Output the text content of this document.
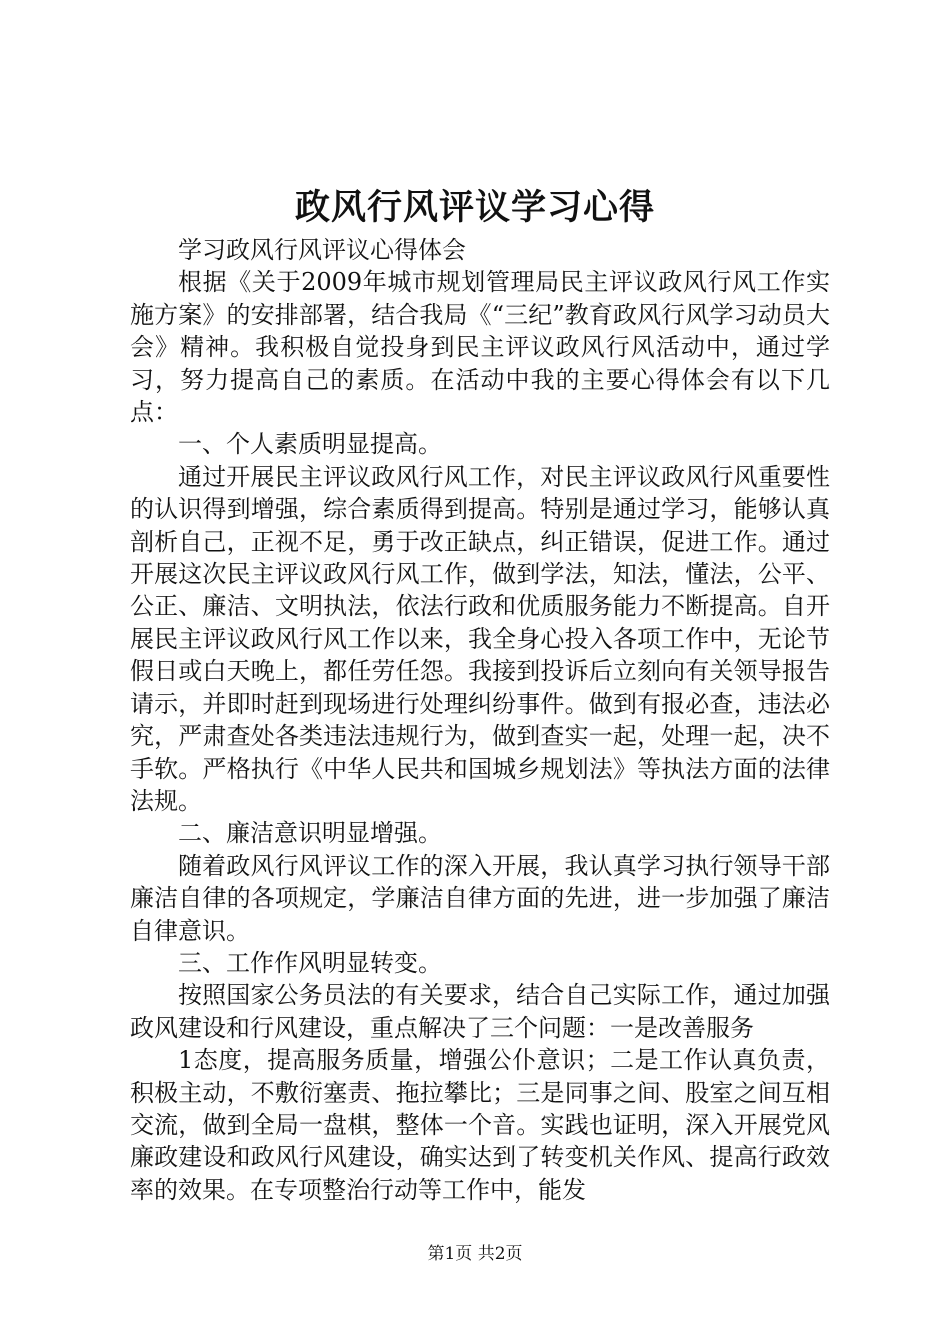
政风行风评议学习心得

学习政风行风评议心得体会

根据《关于2009年城市规划管理局民主评议政风行风工作实施方案》的安排部署，结合我局《“三纪”教育政风行风学习动员大会》精神。我积极自觉投身到民主评议政风行风活动中，通过学习，努力提高自己的素质。在活动中我的主要心得体会有以下几点：

一、个人素质明显提高。

通过开展民主评议政风行风工作，对民主评议政风行风重要性的认识得到增强，综合素质得到提高。特别是通过学习，能够认真剖析自己，正视不足，勇于改正缺点，纠正错误，促进工作。通过开展这次民主评议政风行风工作，做到学法，知法，懂法，公平、公正、廉洁、文明执法，依法行政和优质服务能力不断提高。自开展民主评议政风行风工作以来，我全身心投入各项工作中，无论节假日或白天晚上，都任劳任怨。我接到投诉后立刻向有关领导报告请示，并即时赶到现场进行处理纠纷事件。做到有报必查，违法必究，严肃查处各类违法违规行为，做到查实一起，处理一起，决不手软。严格执行《中华人民共和国城乡规划法》等执法方面的法律法规。

二、廉洁意识明显增强。

随着政风行风评议工作的深入开展，我认真学习执行领导干部廉洁自律的各项规定，学廉洁自律方面的先进，进一步加强了廉洁自律意识。

三、工作作风明显转变。

按照国家公务员法的有关要求，结合自己实际工作，通过加强政风建设和行风建设，重点解决了三个问题：一是改善服务

1态度，提高服务质量，增强公仆意识；二是工作认真负责，积极主动，不敷衍塞责、拖拉攀比；三是同事之间、股室之间互相交流，做到全局一盘棋，整体一个音。实践也证明，深入开展党风廉政建设和政风行风建设，确实达到了转变机关作风、提高行政效率的效果。在专项整治行动等工作中，能发

第1页 共2页
